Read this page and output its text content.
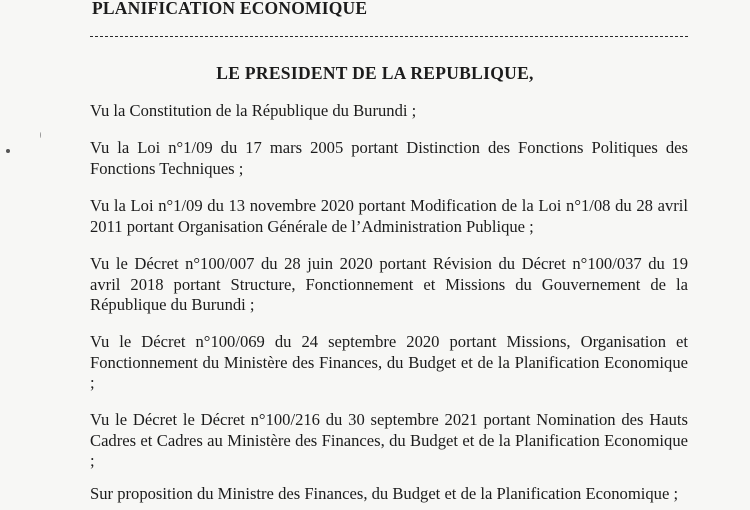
PLANIFICATION ECONOMIQUE
LE PRESIDENT DE LA REPUBLIQUE,

Vu la Constitution de la République du Burundi ;

Vu la Loi n°1/09 du 17 mars 2005 portant Distinction des Fonctions Politiques des Fonctions Techniques ;

Vu la Loi n°1/09 du 13 novembre 2020 portant Modification de la Loi n°1/08 du 28 avril 2011 portant Organisation Générale de l’Administration Publique ;

Vu le Décret n°100/007 du 28 juin 2020 portant Révision du Décret n°100/037 du 19 avril 2018 portant Structure, Fonctionnement et Missions du Gouvernement de la République du Burundi ;

Vu le Décret n°100/069 du 24 septembre 2020 portant Missions, Organisation et Fonctionnement du Ministère des Finances, du Budget et de la Planification Economique ;

Vu le Décret le Décret n°100/216 du 30 septembre 2021 portant Nomination des Hauts Cadres et Cadres au Ministère des Finances, du Budget et de la Planification Economique ;

Sur proposition du Ministre des Finances, du Budget et de la Planification Economique ;
